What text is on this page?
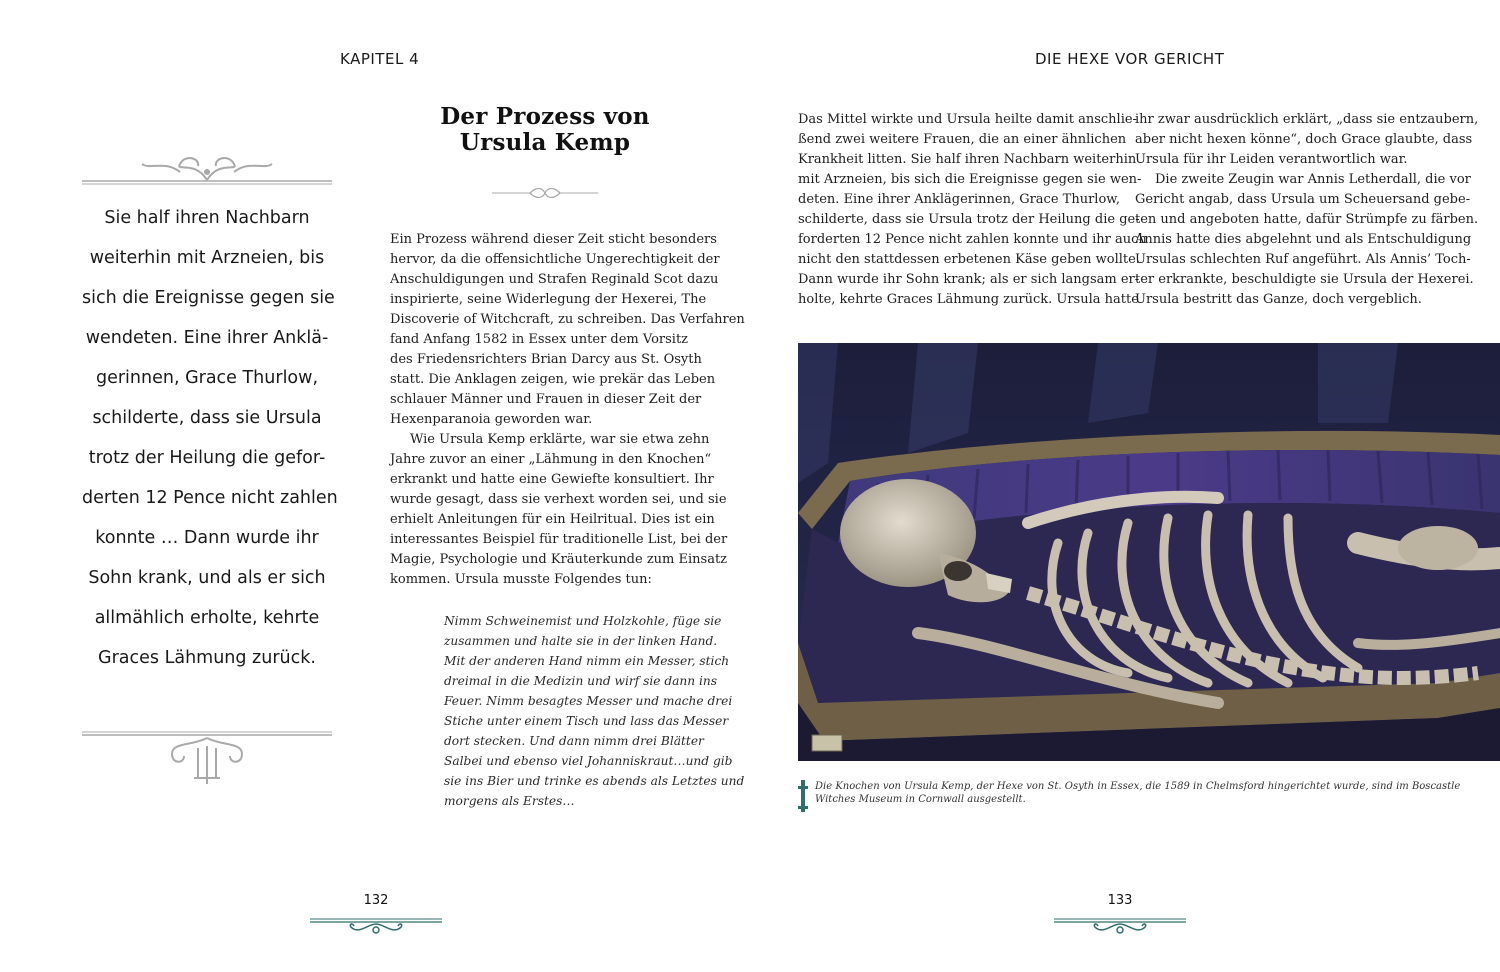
KAPITEL 4
Sie half ihren Nachbarn
weiterhin mit Arzneien, bis
sich die Ereignisse gegen sie
wendeten. Eine ihrer Anklä-
gerinnen, Grace Thurlow,
schilderte, dass sie Ursula
trotz der Heilung die gefor-
derten 12 Pence nicht zahlen
konnte … Dann wurde ihr
Sohn krank, und als er sich
allmählich erholte, kehrte
Graces Lähmung zurück.
Der Prozess von
Ursula Kemp
Ein Prozess während dieser Zeit sticht besonders
hervor, da die offensichtliche Ungerechtigkeit der
Anschuldigungen und Strafen Reginald Scot dazu
inspirierte, seine Widerlegung der Hexerei, The
Discoverie of Witchcraft, zu schreiben. Das Verfahren
fand Anfang 1582 in Essex unter dem Vorsitz
des Friedensrichters Brian Darcy aus St. Osyth
statt. Die Anklagen zeigen, wie prekär das Leben
schlauer Männer und Frauen in dieser Zeit der
Hexenparanoia geworden war.
Wie Ursula Kemp erklärte, war sie etwa zehn
Jahre zuvor an einer „Lähmung in den Knochen“
erkrankt und hatte eine Gewiefte konsultiert. Ihr
wurde gesagt, dass sie verhext worden sei, und sie
erhielt Anleitungen für ein Heilritual. Dies ist ein
interessantes Beispiel für traditionelle List, bei der
Magie, Psychologie und Kräuterkunde zum Einsatz
kommen. Ursula musste Folgendes tun:
Nimm Schweinemist und Holzkohle, füge sie
zusammen und halte sie in der linken Hand.
Mit der anderen Hand nimm ein Messer, stich
dreimal in die Medizin und wirf sie dann ins
Feuer. Nimm besagtes Messer und mache drei
Stiche unter einem Tisch und lass das Messer
dort stecken. Und dann nimm drei Blätter
Salbei und ebenso viel Johanniskraut…und gib
sie ins Bier und trinke es abends als Letztes und
morgens als Erstes…
132
DIE HEXE VOR GERICHT
Das Mittel wirkte und Ursula heilte damit anschlie-
ßend zwei weitere Frauen, die an einer ähnlichen
Krankheit litten. Sie half ihren Nachbarn weiterhin
mit Arzneien, bis sich die Ereignisse gegen sie wen-
deten. Eine ihrer Anklägerinnen, Grace Thurlow,
schilderte, dass sie Ursula trotz der Heilung die ge-
forderten 12 Pence nicht zahlen konnte und ihr auch
nicht den stattdessen erbetenen Käse geben wollte.
Dann wurde ihr Sohn krank; als er sich langsam er-
holte, kehrte Graces Lähmung zurück. Ursula hatte
ihr zwar ausdrücklich erklärt, „dass sie entzaubern,
aber nicht hexen könne“, doch Grace glaubte, dass
Ursula für ihr Leiden verantwortlich war.
Die zweite Zeugin war Annis Letherdall, die vor
Gericht angab, dass Ursula um Scheuersand gebe-
ten und angeboten hatte, dafür Strümpfe zu färben.
Annis hatte dies abgelehnt und als Entschuldigung
Ursulas schlechten Ruf angeführt. Als Annis’ Toch-
ter erkrankte, beschuldigte sie Ursula der Hexerei.
Ursula bestritt das Ganze, doch vergeblich.
Die Knochen von Ursula Kemp, der Hexe von St. Osyth in Essex, die 1589 in Chelmsford hingerichtet wurde, sind im Boscastle
Witches Museum in Cornwall ausgestellt.
133
